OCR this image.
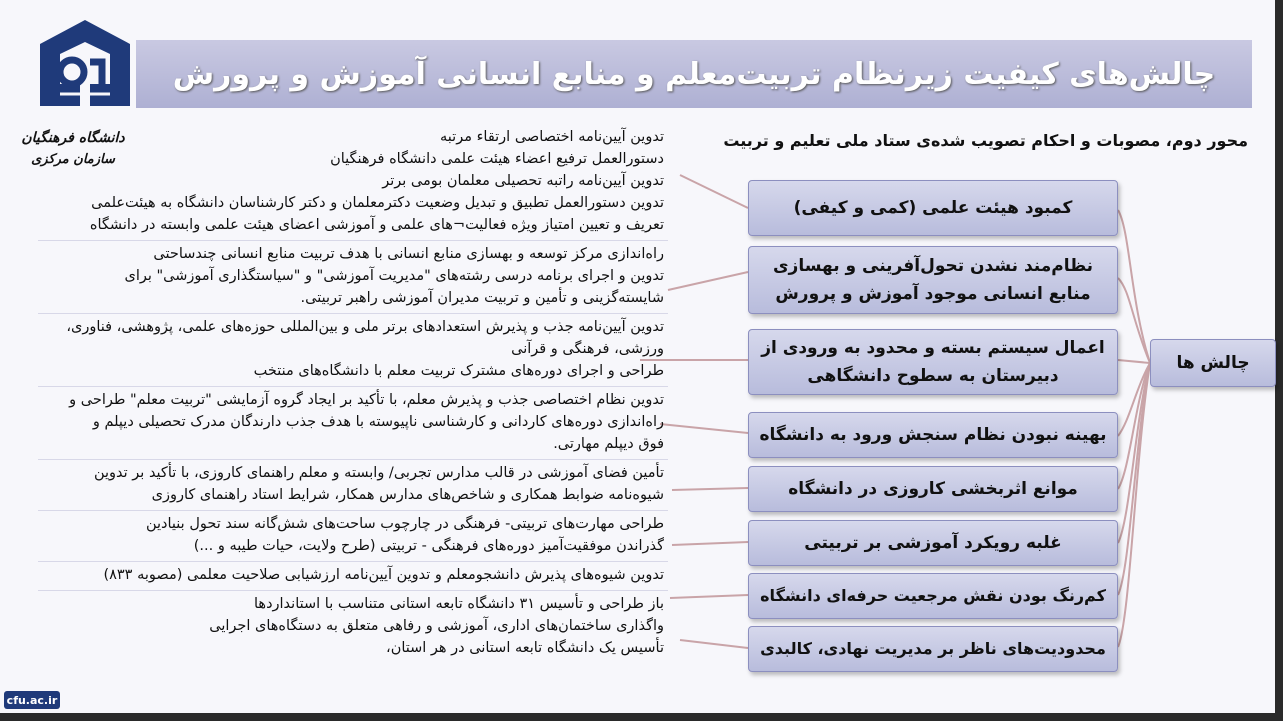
دانشگاه فرهنگیان
سازمان مرکزی
چالش‌های کیفیت زیرنظام تربیت‌معلم و منابع انسانی آموزش و پرورش
محور دوم، مصوبات و احکام تصویب شده‌ی ستاد ملی تعلیم و تربیت
تدوین آیین‌نامه اختصاصی ارتقاء مرتبه
دستورالعمل ترفیع اعضاء هیئت علمی دانشگاه فرهنگیان
تدوین آیین‌نامه راتبه تحصیلی معلمان بومی برتر
تدوین دستورالعمل تطبیق و تبدیل وضعیت دکترمعلمان و دکتر کارشناسان دانشگاه به هیئت‌علمی
تعریف و تعیین امتیاز ویژه فعالیت¬های علمی و آموزشی اعضای هیئت علمی وابسته در دانشگاه
راه‌اندازی مرکز توسعه و بهسازی منابع انسانی با هدف تربیت منابع انسانی چندساحتی
تدوین و اجرای برنامه درسی رشته‌های "مدیریت آموزشی" و "سیاستگذاری آموزشی" برای
شایسته‌گزینی و تأمین و تربیت مدیران آموزشی راهبر تربیتی.
تدوین آیین‌نامه جذب و پذیرش استعدادهای برتر ملی و بین‌المللی حوزه‌های علمی، پژوهشی، فناوری،
ورزشی، فرهنگی و قرآنی
طراحی و اجرای دوره‌های مشترک تربیت معلم با دانشگاه‌های منتخب
تدوین نظام اختصاصی جذب و پذیرش معلم، با تأکید بر ایجاد گروه آزمایشی "تربیت معلم" طراحی و
راه‌اندازی دوره‌های کاردانی و کارشناسی ناپیوسته با هدف جذب دارندگان مدرک تحصیلی دیپلم و
فوق دیپلم مهارتی.
تأمین فضای آموزشی در قالب مدارس تجربی/ وابسته و معلم راهنمای کاروزی، با تأکید بر تدوین
شیوه‌نامه ضوابط همکاری و شاخص‌های مدارس همکار، شرایط استاد راهنمای کاروزی
طراحی مهارت‌های تربیتی- فرهنگی در چارچوب ساحت‌های شش‌گانه سند تحول بنیادین
گذراندن موفقیت‌آمیز دوره‌های فرهنگی - تربیتی (طرح ولایت، حیات طیبه و ...)
تدوین شیوه‌های پذیرش دانشجومعلم و تدوین آیین‌نامه ارزشیابی صلاحیت معلمی (مصوبه ۸۳۳)
باز طراحی و تأسیس ۳۱ دانشگاه تابعه استانی متناسب با استانداردها
واگذاری ساختمان‌های اداری، آموزشی و رفاهی متعلق به دستگاه‌های اجرایی
تأسیس یک دانشگاه تابعه استانی در هر استان،
کمبود هیئت علمی (کمی و کیفی)
نظام‌مند نشدن تحول‌آفرینی و بهسازی منابع انسانی موجود آموزش و پرورش
اعمال سیستم بسته و محدود به ورودی از دبیرستان به سطوح دانشگاهی
بهینه نبودن نظام سنجش ورود به دانشگاه
موانع اثربخشی کاروزی در دانشگاه
غلبه رویکرد آموزشی بر تربیتی
کم‌رنگ بودن نقش مرجعیت حرفه‌ای دانشگاه
محدودیت‌های ناظر بر مدیریت نهادی، کالبدی
چالش ها
cfu.ac.ir
